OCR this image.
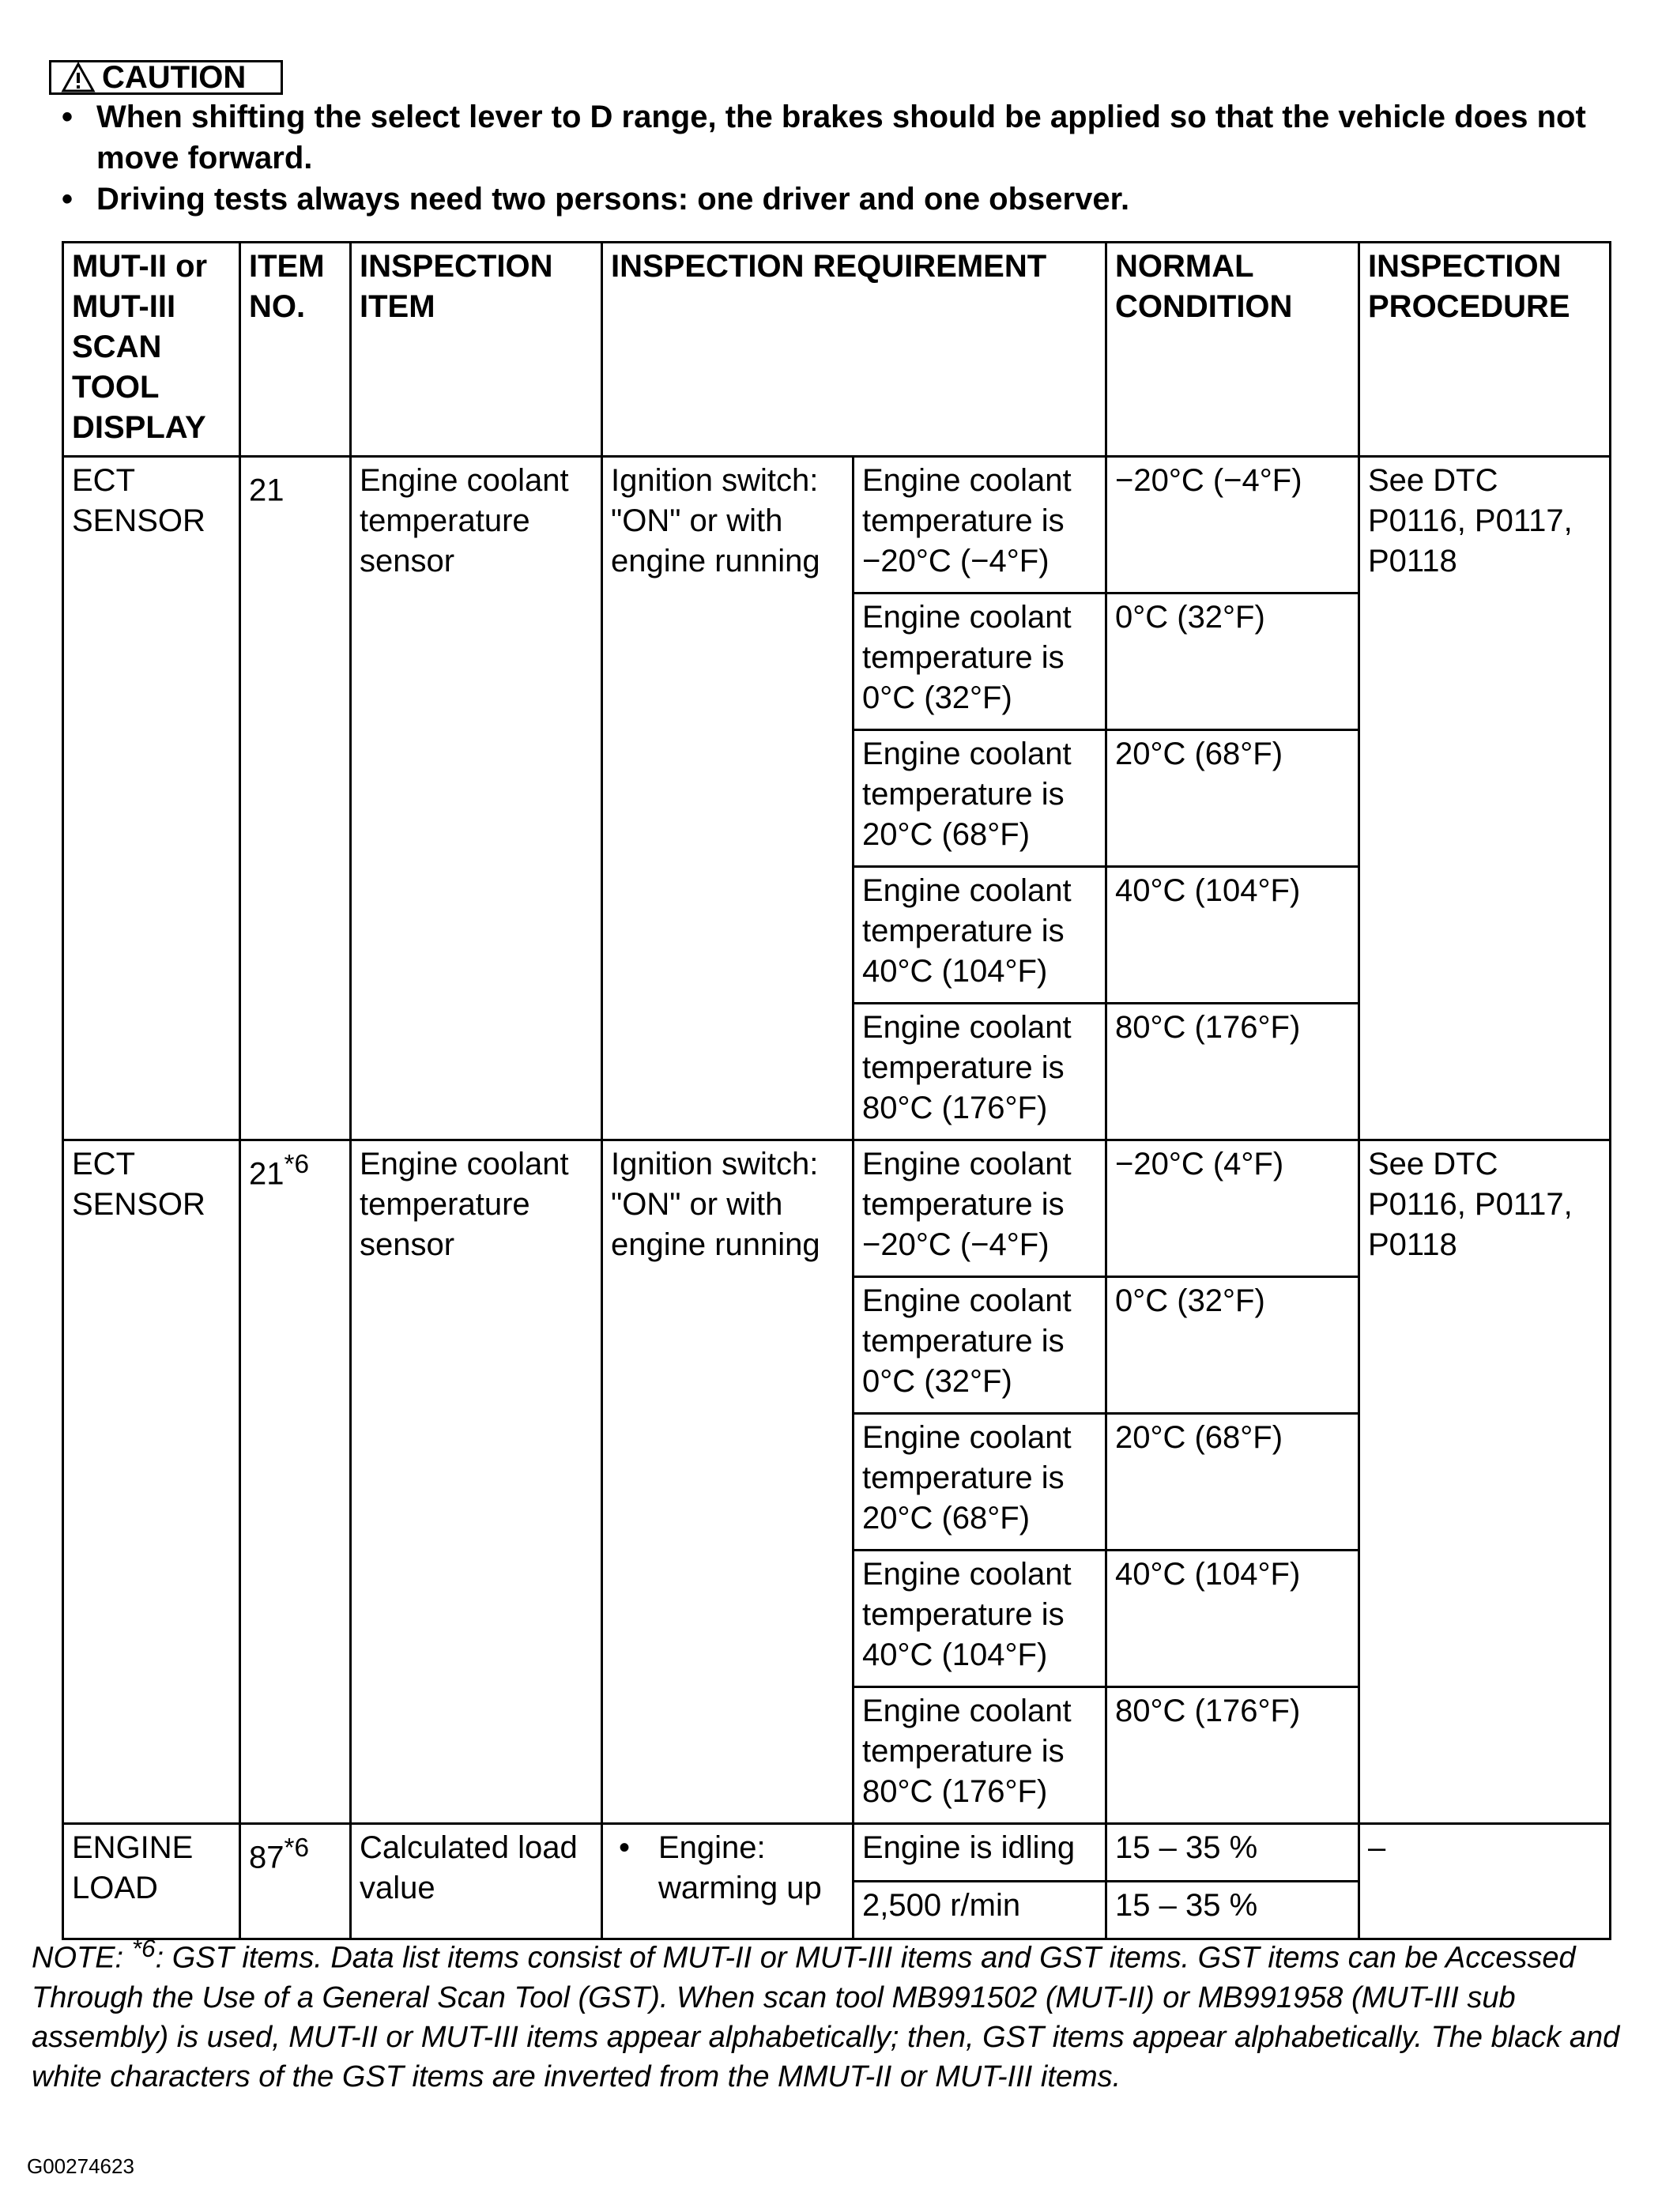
CAUTION
• When shifting the select lever to D range, the brakes should be applied so that the vehicle does not move forward.
• Driving tests always need two persons: one driver and one observer.
MUT-II or MUT-III SCAN TOOL DISPLAY	ITEM NO.	INSPECTION ITEM	INSPECTION REQUIREMENT		NORMAL CONDITION	INSPECTION PROCEDURE
ECT SENSOR	21	Engine coolant temperature sensor	Ignition switch: "ON" or with engine running	Engine coolant temperature is −20°C (−4°F)	−20°C (−4°F)	See DTC P0116, P0117, P0118
				Engine coolant temperature is 0°C (32°F)	0°C (32°F)	
				Engine coolant temperature is 20°C (68°F)	20°C (68°F)	
				Engine coolant temperature is 40°C (104°F)	40°C (104°F)	
				Engine coolant temperature is 80°C (176°F)	80°C (176°F)	
ECT SENSOR	21$^{*6}$	Engine coolant temperature sensor	Ignition switch: "ON" or with engine running	Engine coolant temperature is −20°C (−4°F)	−20°C (4°F)	See DTC P0116, P0117, P0118
				Engine coolant temperature is 0°C (32°F)	0°C (32°F)	
				Engine coolant temperature is 20°C (68°F)	20°C (68°F)	
				Engine coolant temperature is 40°C (104°F)	40°C (104°F)	
				Engine coolant temperature is 80°C (176°F)	80°C (176°F)	
ENGINE LOAD	87$^{*6}$	Calculated load value	• Engine: warming up	Engine is idling	15 – 35 %	–
				2,500 r/min	15 – 35 %	
NOTE: $^{*6}$: GST items. Data list items consist of MUT-II or MUT-III items and GST items. GST items can be Accessed Through the Use of a General Scan Tool (GST). When scan tool MB991502 (MUT-II) or MB991958 (MUT-III sub assembly) is used, MUT-II or MUT-III items appear alphabetically; then, GST items appear alphabetically. The black and white characters of the GST items are inverted from the MMUT-II or MUT-III items.
G00274623
